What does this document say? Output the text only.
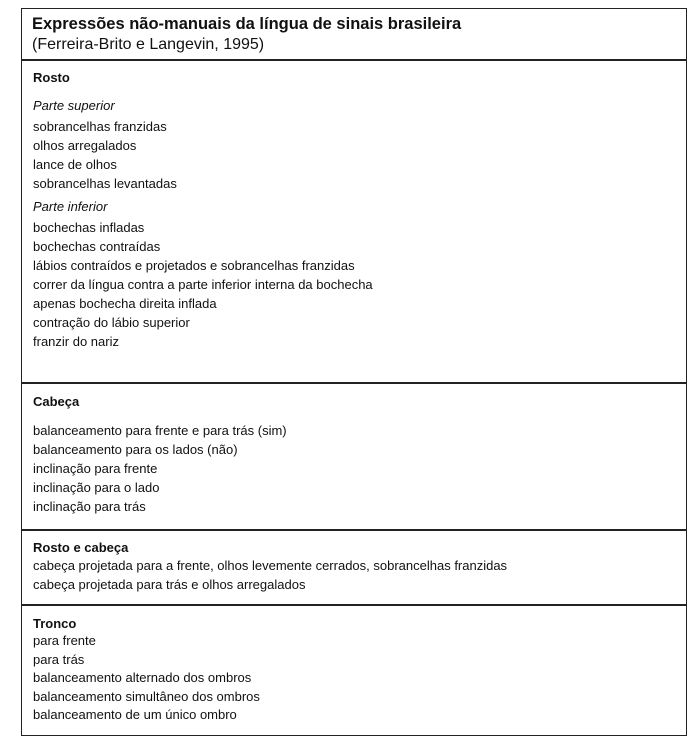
Expressões não-manuais da língua de sinais brasileira
(Ferreira-Brito e Langevin, 1995)
Rosto
Parte superior
sobrancelhas franzidas
olhos arregalados
lance de olhos
sobrancelhas levantadas
Parte inferior
bochechas infladas
bochechas contraídas
lábios contraídos e projetados e sobrancelhas franzidas
correr da língua contra a parte inferior interna da bochecha
apenas bochecha direita inflada
contração do lábio superior
franzir do nariz
Cabeça
balanceamento para frente e para trás (sim)
balanceamento para os lados (não)
inclinação para frente
inclinação para o lado
inclinação para trás
Rosto e cabeça
cabeça projetada para a frente, olhos levemente cerrados, sobrancelhas franzidas
cabeça projetada para trás e olhos arregalados
Tronco
para frente
para trás
balanceamento alternado dos ombros
balanceamento simultâneo dos ombros
balanceamento de um único ombro
